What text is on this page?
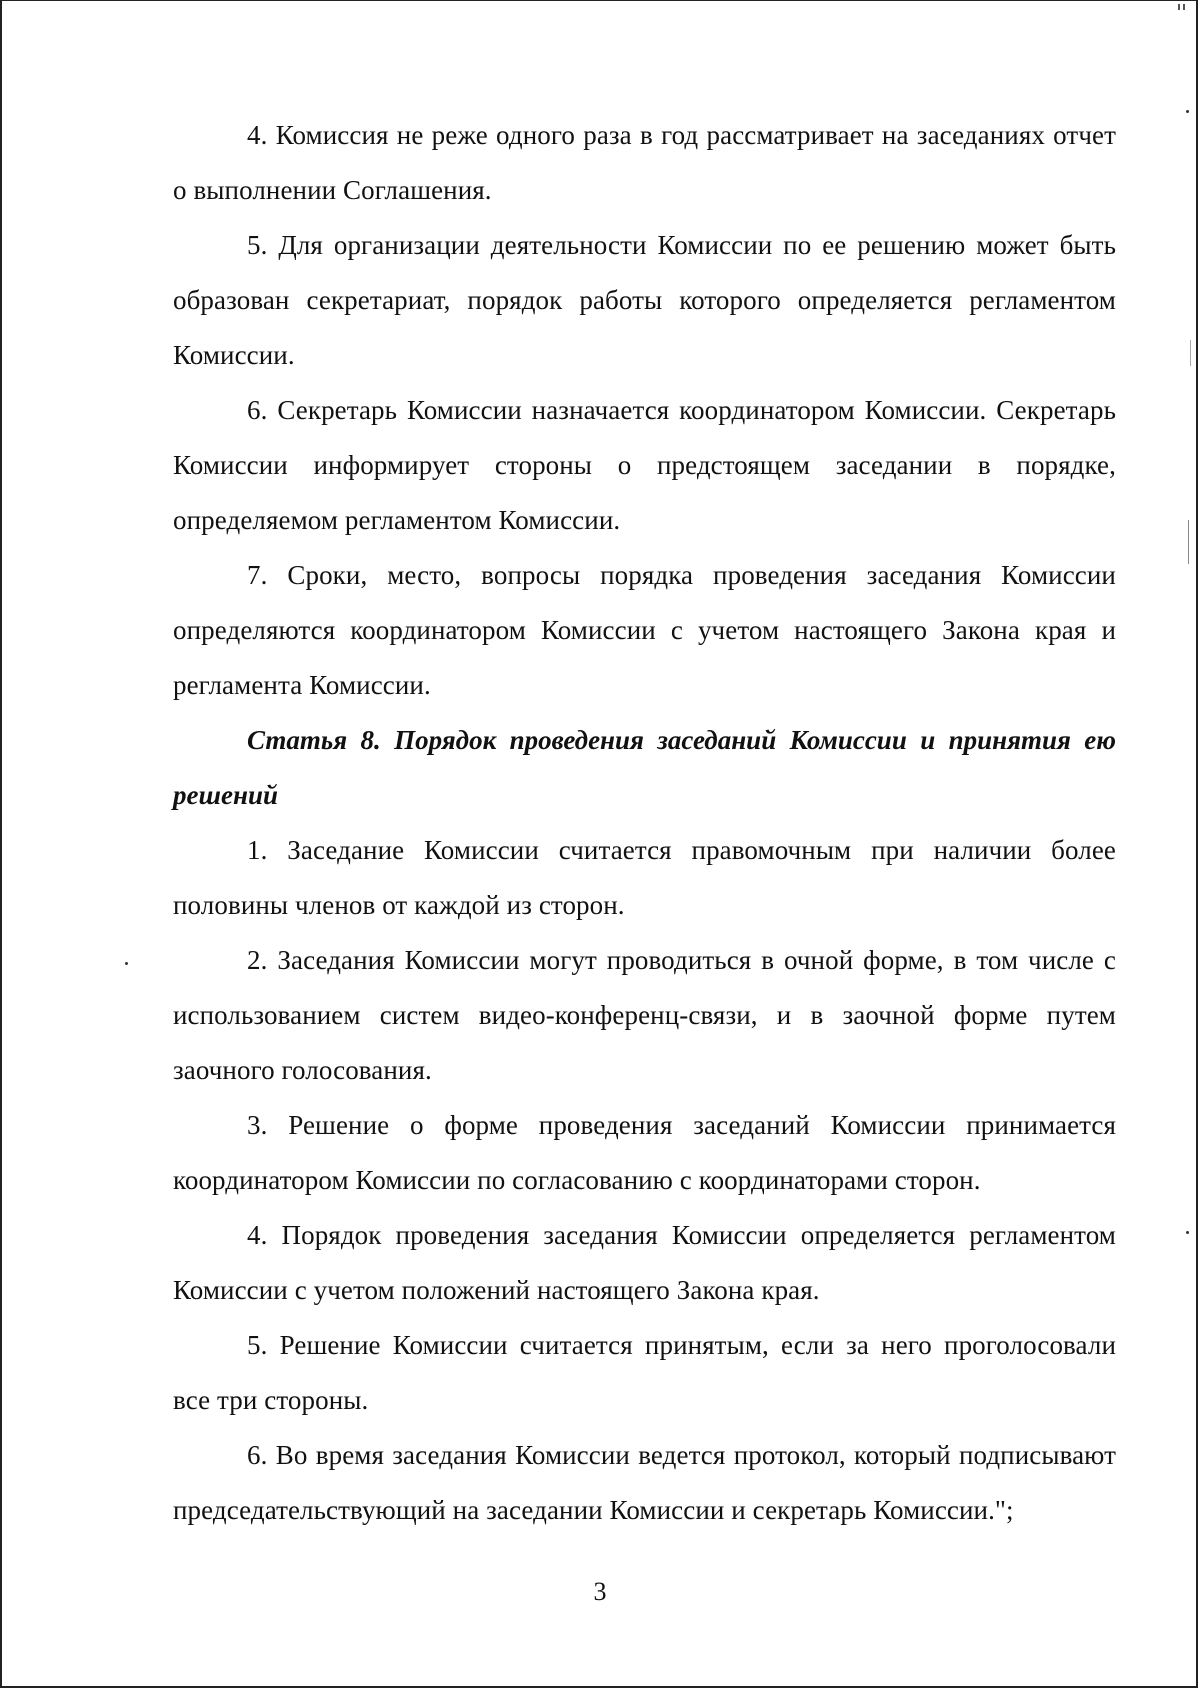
4. Комиссия не реже одного раза в год рассматривает на заседаниях отчет о выполнении Соглашения.

5. Для организации деятельности Комиссии по ее решению может быть образован секретариат, порядок работы которого определяется регламентом Комиссии.

6. Секретарь Комиссии назначается координатором Комиссии. Секретарь Комиссии информирует стороны о предстоящем заседании в порядке, определяемом регламентом Комиссии.

7. Сроки, место, вопросы порядка проведения заседания Комиссии определяются координатором Комиссии с учетом настоящего Закона края и регламента Комиссии.

Статья 8. Порядок проведения заседаний Комиссии и принятия ею решений

1. Заседание Комиссии считается правомочным при наличии более половины членов от каждой из сторон.

2. Заседания Комиссии могут проводиться в очной форме, в том числе с использованием систем видео-конференц-связи, и в заочной форме путем заочного голосования.

3. Решение о форме проведения заседаний Комиссии принимается координатором Комиссии по согласованию с координаторами сторон.

4. Порядок проведения заседания Комиссии определяется регламентом Комиссии с учетом положений настоящего Закона края.

5. Решение Комиссии считается принятым, если за него проголосовали все три стороны.

6. Во время заседания Комиссии ведется протокол, который подписывают председательствующий на заседании Комиссии и секретарь Комиссии.";

3
